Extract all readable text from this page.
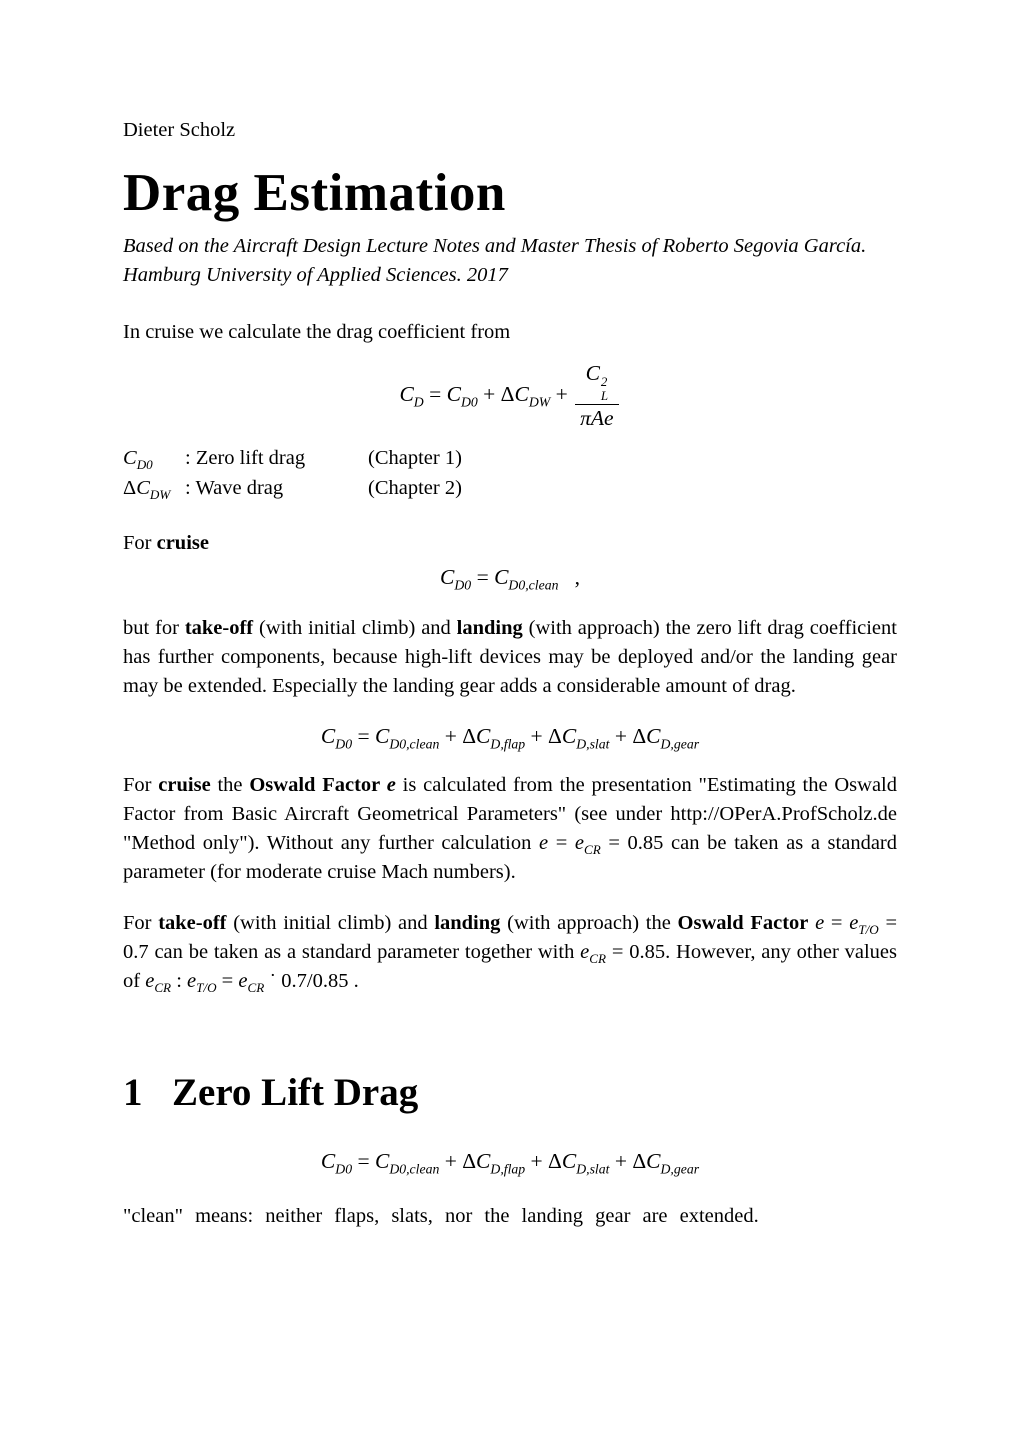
Dieter Scholz
Drag Estimation
Based on the Aircraft Design Lecture Notes and Master Thesis of Roberto Segovia García.
Hamburg University of Applied Sciences. 2017

In cruise we calculate the drag coefficient from

$C_D = C_{D0} + \Delta C_{DW} + C$ 2
L
πAe
$C_{D0}$	: Zero lift drag	(Chapter 1)
$\Delta C_{DW}$ : Wave drag	(Chapter 2)

For cruise

$C_{D0} = C_{D0,clean}$   ,

but for take-off (with initial climb) and landing (with approach) the zero lift drag coefficient has further components, because high-lift devices may be deployed and/or the landing gear may be extended. Especially the landing gear adds a considerable amount of drag.

$C_{D0} = C_{D0,clean} + \Delta C_{D,flap} + \Delta C_{D,slat} + \Delta C_{D,gear}$

For cruise the Oswald Factor e is calculated from the presentation "Estimating the Oswald Factor from Basic Aircraft Geometrical Parameters" (see under http://OPerA.ProfScholz.de "Method only"). Without any further calculation $e = e_{CR} = 0.85$ can be taken as a standard parameter (for moderate cruise Mach numbers).

For take-off (with initial climb) and landing (with approach) the Oswald Factor $e = e_{T/O} = 0.7$ can be taken as a standard parameter together with $e_{CR} = 0.85$. However, any other values of $e_{CR}$ : $e_{T/O} = e_{CR}$ ˙ 0.7/0.85 .

1 Zero Lift Drag
$C_{D0} = C_{D0,clean} + \Delta C_{D,flap} + \Delta C_{D,slat} + \Delta C_{D,gear}$

"clean" means: neither flaps, slats, nor the landing gear are extended.
